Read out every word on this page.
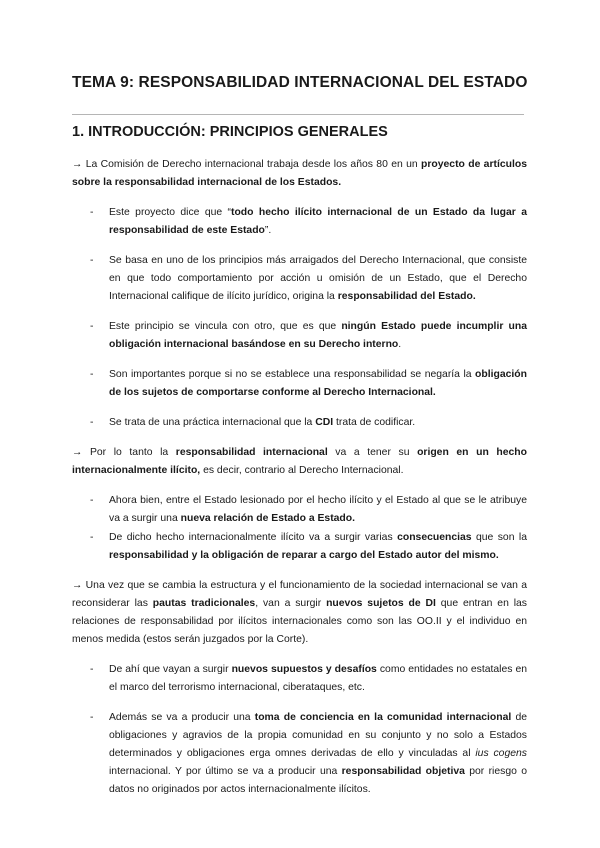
TEMA 9: RESPONSABILIDAD INTERNACIONAL DEL ESTADO
1. INTRODUCCIÓN: PRINCIPIOS GENERALES

→ La Comisión de Derecho internacional trabaja desde los años 80 en un proyecto de artículos sobre la responsabilidad internacional de los Estados.

- Este proyecto dice que “todo hecho ilícito internacional de un Estado da lugar a responsabilidad de este Estado”.
- Se basa en uno de los principios más arraigados del Derecho Internacional, que consiste en que todo comportamiento por acción u omisión de un Estado, que el Derecho Internacional califique de ilícito jurídico, origina la responsabilidad del Estado.
- Este principio se vincula con otro, que es que ningún Estado puede incumplir una obligación internacional basándose en su Derecho interno.
- Son importantes porque si no se establece una responsabilidad se negaría la obligación de los sujetos de comportarse conforme al Derecho Internacional.
- Se trata de una práctica internacional que la CDI trata de codificar.

→ Por lo tanto la responsabilidad internacional va a tener su origen en un hecho internacionalmente ilícito, es decir, contrario al Derecho Internacional.

- Ahora bien, entre el Estado lesionado por el hecho ilícito y el Estado al que se le atribuye va a surgir una nueva relación de Estado a Estado.
- De dicho hecho internacionalmente ilícito va a surgir varias consecuencias que son la responsabilidad y la obligación de reparar a cargo del Estado autor del mismo.

→ Una vez que se cambia la estructura y el funcionamiento de la sociedad internacional se van a reconsiderar las pautas tradicionales, van a surgir nuevos sujetos de DI que entran en las relaciones de responsabilidad por ilícitos internacionales como son las OO.II y el individuo en menos medida (estos serán juzgados por la Corte).

- De ahí que vayan a surgir nuevos supuestos y desafíos como entidades no estatales en el marco del terrorismo internacional, ciberataques, etc.
- Además se va a producir una toma de conciencia en la comunidad internacional de obligaciones y agravios de la propia comunidad en su conjunto y no solo a Estados determinados y obligaciones erga omnes derivadas de ello y vinculadas al ius cogens internacional. Y por último se va a producir una responsabilidad objetiva por riesgo o datos no originados por actos internacionalmente ilícitos.
